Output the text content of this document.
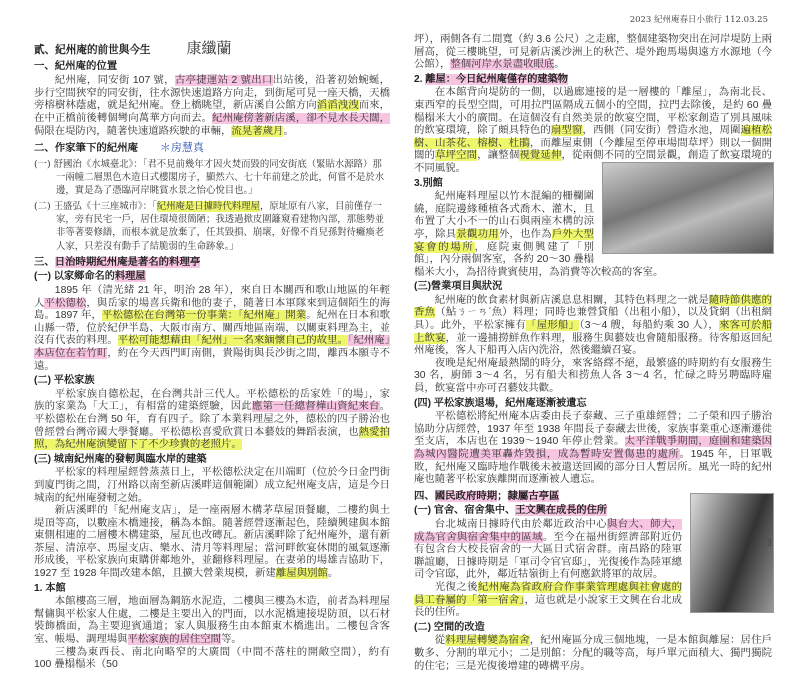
2023 紀州庵春日小旅行 112.03.25
貳、紀州庵的前世與今生 康纖蘭
一、紀州庵的位置
紀州庵，同安街 107 號，古亭捷運站 2 號出口出站後，沿著初始蜿蜒，步行空間狹窄的同安街，往水源快速道路方向走，到街尾可見一座天橋，天橋旁榕樹林蔭處，就是紀州庵。登上橋眺望，新店溪自公館方向滔滔洩洩而來，在中正橋前後轉個彎向萬華方向而去。紀州庵傍著新店溪，卻不見水長天闊，侷限在堤防內，隨著快速道路疾駛的車輛，流晃著歲月。
二、作家筆下的紀州庵 ＊房慧真
(一) 舒國治《水城臺北》：「君不見前幾年才因火焚而毀的同安街底（緊貼水源路）那一兩幢二層黑色木造日式樓閣房子，顯然六、七十年前建之於此，何嘗不是於水邊，實是為了憑臨河岸眺賞水景之怡心悅目也。」
(二) 王盛弘《十三座城市》：「紀州庵是日據時代料理屋，原址原有八家，目前僅存一家，旁有民宅一戶，居住環境很簡陋；我透過掀皮圍籬窺看建物內部，那態勢並非等著要修繕，而根本就是放棄了，任其毀損、崩壞，好像不肖兒孫對待癱瘓老人家，只差沒有動手了結脆弱的生命跡象。」
三、日治時期紀州庵是著名的料理亭
(一) 以家鄉命名的料理屋
1895 年（清光緒 21 年，明治 28 年），來自日本關西和歌山地區的年輕人平松德松，與岳家的場喜兵衛和他的妻子，隨著日本軍隊來到這個陌生的海島。1897 年，平松德松在台灣第一份事業：「紀州庵」開業。紀州在日本和歌山縣一帶，位於紀伊半島、大阪市南方、關西地區南端，以關東料理為主，並沒有代表的料理。平松可能想藉由「紀州」一名來緬懷自己的故里。「紀州庵」本店位在若竹町，約在今天西門町南側，貴陽街與長沙街之間，離西本願寺不遠。
(二) 平松家族
平松家族自德松起，在台灣共計三代人。平松德松的岳家姓「的場」，家族的家業為「大工」，有相當的建築經驗，因此應第一任總督樺山資紀來台。平松德松在台灣 50 年，育有四子。除了本業料理屋之外，德松的四子勝治也曾經營台灣帝國大學餐廳。平松德松喜愛欣賞日本藝妓的舞蹈表演，也熱愛拍照，為紀州庵演變留下了不少珍貴的老照片。
(三) 城南紀州庵的發軔與臨水岸的建築
平松家的料理屋經營蒸蒸日上，平松德松決定在川端町（位於今日金門街到廈門街之間，汀州路以南至新店溪畔這個範圍）成立紀州庵支店，這是今日城南的紀州庵發軔之始。
新店溪畔的「紀州庵支店」，是一座兩層木構茅草屋頂餐廳，二樓約與土堤頂等高，以數座木橋連接，稱為本館。隨著經營逐漸起色，陸續興建與本館東側相連的二層樓木構建築，屋瓦也改磚瓦。新店溪畔除了紀州庵外，還有新茶屋、清涼亭、馬屋支店、樂水、清月等料理屋；當河畔飲宴休閒的風氣逐漸形成後，平松家族向東購併鄰地外，並翻修料理屋。在妻弟的場雄吉協助下，1927 至 1928 年間改建本館，且擴大營業規模，新建離屋與別館。
1. 本館
本館樓高三層，地面層為鋼筋水泥造，二樓與三樓為木造，前者為料理屋幫傭與平松家人住處，二樓是主要出入的門面，以水泥橋連接堤防頂，以石材裝飾橋面，為主要迎賓通道；家人與服務生由本館東木橋進出。二樓包含客室、帳場、調理場與平松家族的居住空間等。
三樓為東西長、南北向略窄的大廣間（中間不落柱的開敞空間），約有 100 疊榻榻米（50
坪），兩側各有二間寬（約 3.6 公尺）之走廊，整個建築物突出在河岸堤防上兩層高，從三樓眺望，可見新店溪沙洲上的秋芒、堤外跑馬場與遠方水源地（今公館），整個河岸水景盡收眼底。
2. 離屋：今日紀州庵僅存的建築物
在本館背向堤防的一側，以過廊連接的是一層樓的「離屋」，為南北長、東西窄的長型空間，可用拉門區隔成五個小的空間，拉門去除後，是約 60 疊榻榻米大小的廣間。在這個沒有自然美景的飲宴空間，平松家創造了別具風味的飲宴環境，除了頗具特色的扇型窗，西側（同安街）營造水池，周圍遍植松樹、山茶花、榕樹、杜鵑，而離屋東側（今離屋至停車場間草坪）則以一個開闊的草坪空間，讓整個視覺延伸，從兩側不同的空間景觀，創造了飲宴環境的不同風貌。
3.別館
紀州庵料理屋以竹木混編的柵欄圍繞，庭院邊緣種植各式喬木、灌木，且布置了大小不一的山石與兩座木構的涼亭，除具景觀功用外，也作為戶外大型宴會的場所，庭院東側興建了「別館」，內分兩個客室，各約 20～30 疊榻榻米大小，為招待貴賓使用，為消費等次較高的客室。
(三)營業項目與狀況
紀州庵的飲食素材與新店溪息息相關，其特色料理之一就是隨時節供應的香魚（鮎ㄋㄧㄢˊ魚）料理；同時也兼營貸船（出租小船），以及貸網（出租網具）。此外，平松家擁有「屋形船」（3～4 艘，每船約乘 30 人），來客可於船上飲宴，並一邊捕撈鮮魚作料理，服務生與藝妓也會隨船服務。待客船返回紀州庵後，客人下船再入店內洗浴，然後繼續召宴。
夜晚是紀州庵最熱鬧的時分，來客絡繹不絕，最繁盛的時期約有女服務生 30 名，廚師 3～4 名，另有船夫和捞魚人各 3～4 名，忙碌之時另聘臨時雇員，飲宴當中亦可召藝妓共歡。
(四) 平松家族退場，紀州庵逐漸被遺忘
平松德松將紀州庵本店委由長子泰藏、三子重雄經營；二子榮和四子勝治協助分店經營，1937 年至 1938 年間長子泰藏去世後，家族事業重心逐漸遷徙至支店，本店也在 1939～1940 年停止營業。太平洋戰爭期間，庭園和建築因為城內醫院遭美軍轟炸毀損，成為暫時安置傷患的處所。1945 年，日軍戰敗，紀州庵又臨時地作戰後未被遣送回國的部分日人暫居所。風光一時的紀州庵也隨著平松家族離開而逐漸被人遺忘。
四、國民政府時期；隸屬古亭區
(一) 官舍、宿舍集中、王文興在成長的住所
台北城南日據時代由於鄰近政治中心與台大、師大，成為官舍與宿舍集中的區域。至今在福州街經濟部附近仍有包含台大校長宿舍的一大區日式宿舍群。南昌路的陸軍聯誼廳，日據時期是「軍司令官官邸」，光復後作為陸軍總司令官邸，此外，鄰近牯嶺街上有何應欽將軍的故居。
光復之後紀州庵為省政府合作事業管理處與社會處的員工眷屬的「第一宿舍」，這也就是小說家王文興在台北成長的住所。
(二) 空間的改造
從料理屋轉變為宿舍，紀州庵區分成三個地塊，一是本館與離屋：居住戶數多、分割的單元小；二是別館：分配的職等高，每戶單元面積大、獨門獨院的住宅；三是光復後增建的磚構平房。
3
